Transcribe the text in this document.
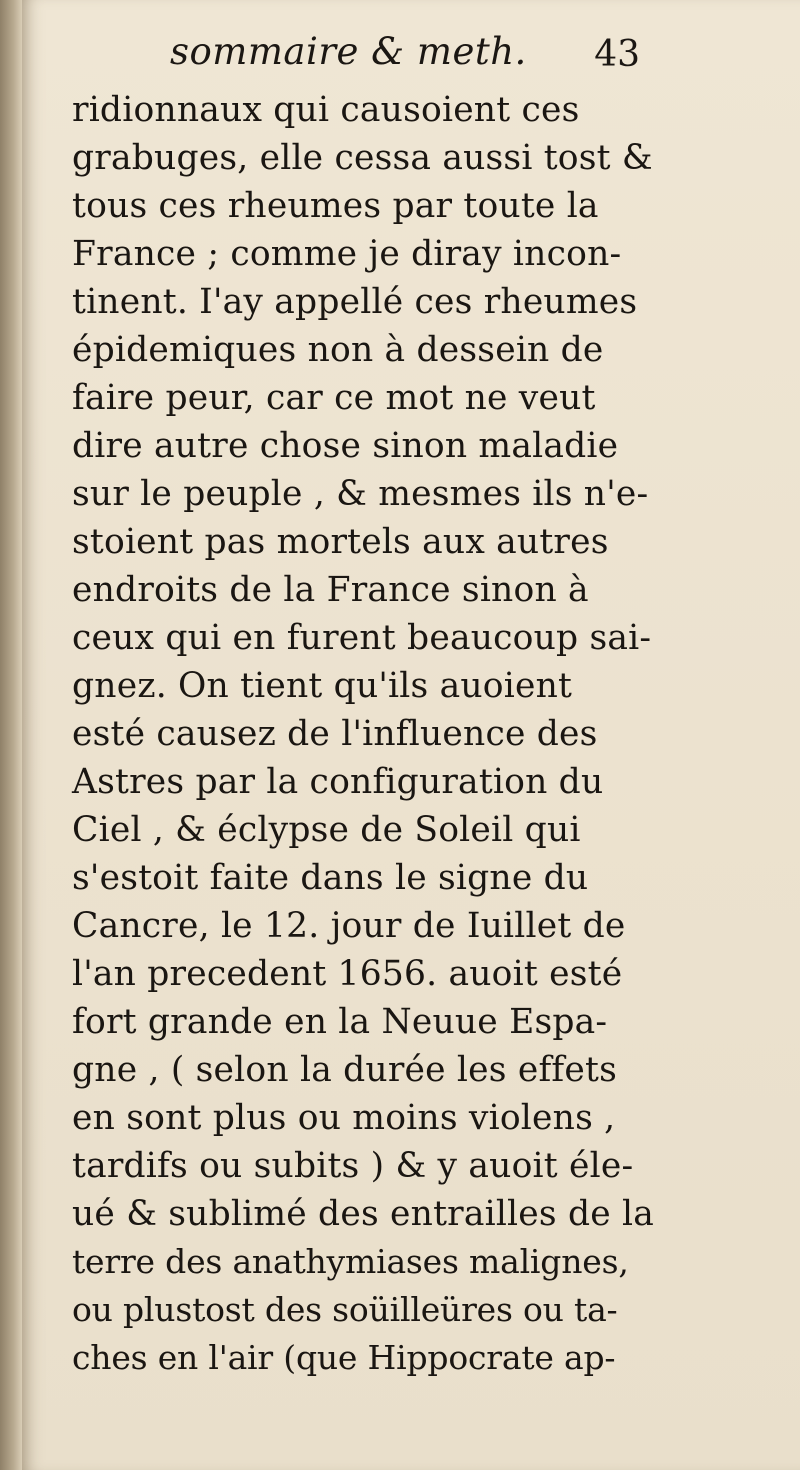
sommaire & meth. 43
ridionnaux qui causoient ces
grabuges, elle cessa aussi tost &
tous ces rheumes par toute la
France ; comme je diray incon-
tinent. I'ay appellé ces rheumes
épidemiques non à dessein de
faire peur, car ce mot ne veut
dire autre chose sinon maladie
sur le peuple , & mesmes ils n'e-
stoient pas mortels aux autres
endroits de la France sinon à
ceux qui en furent beaucoup sai-
gnez. On tient qu'ils auoient
esté causez de l'influence des
Astres par la configuration du
Ciel , & éclypse de Soleil qui
s'estoit faite dans le signe du
Cancre, le 12. jour de Iuillet de
l'an precedent 1656. auoit esté
fort grande en la Neuue Espa-
gne , ( selon la durée les effets
en sont plus ou moins violens ,
tardifs ou subits ) & y auoit éle-
ué & sublimé des entrailles de la
terre des anathymiases malignes,
ou plustost des soüilleüres ou ta-
ches en l'air (que Hippocrate ap-
